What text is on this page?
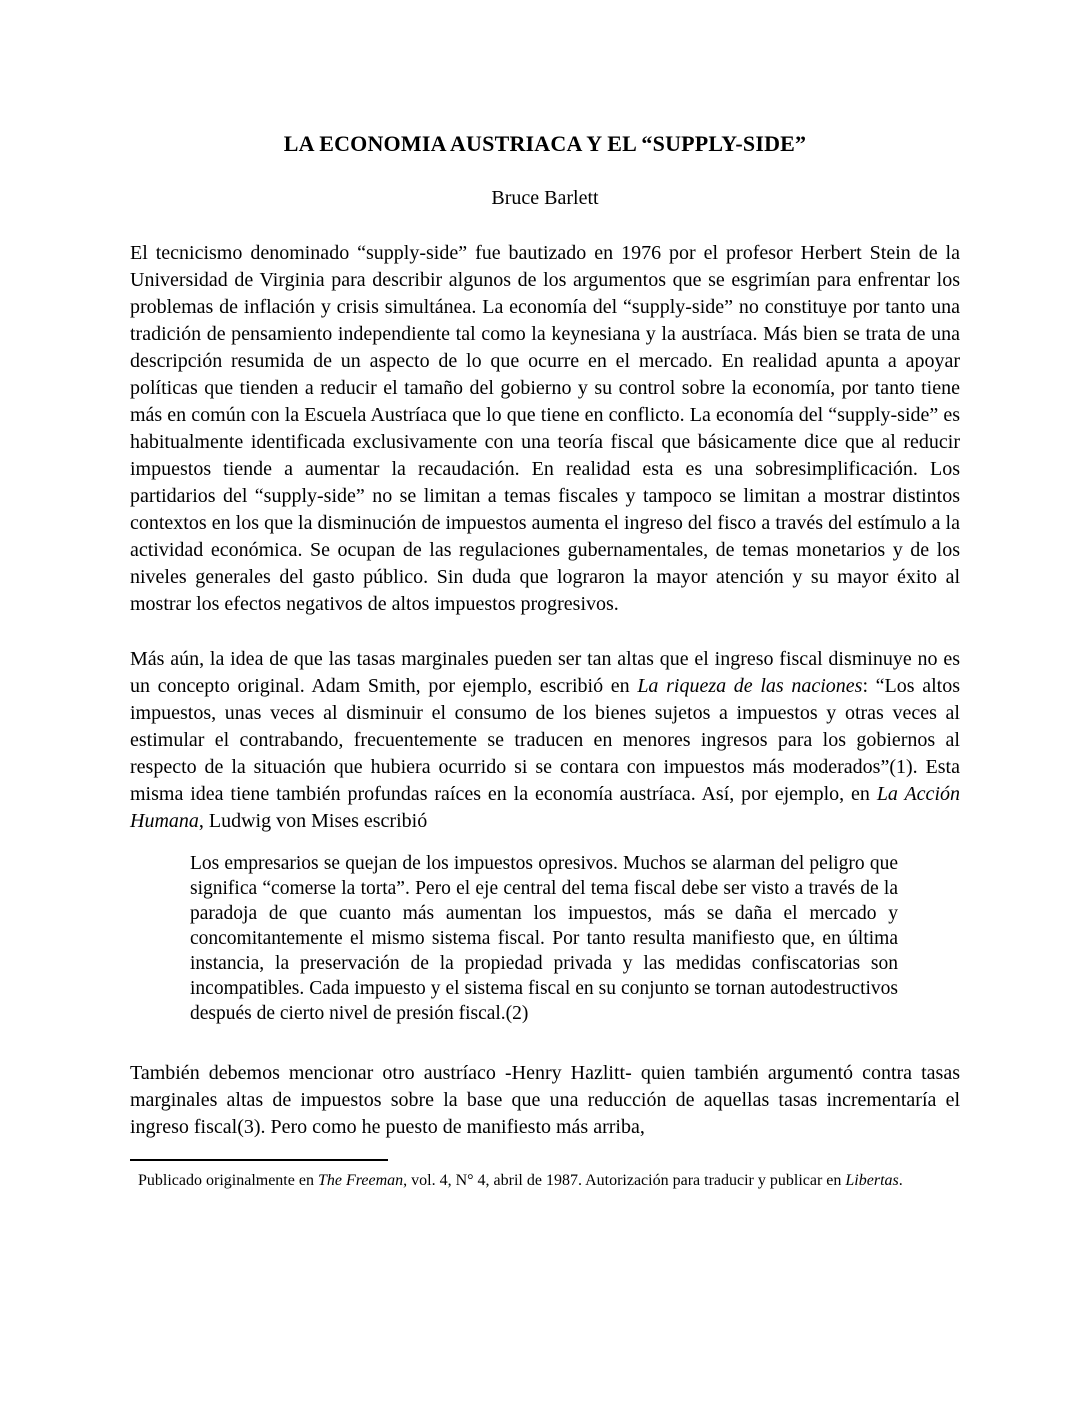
LA ECONOMIA AUSTRIACA Y EL “SUPPLY-SIDE”
Bruce Barlett

El tecnicismo denominado “supply-side” fue bautizado en 1976 por el profesor Herbert Stein de la Universidad de Virginia para describir algunos de los argumentos que se esgrimían para enfrentar los problemas de inflación y crisis simultánea. La economía del “supply-side” no constituye por tanto una tradición de pensamiento independiente tal como la keynesiana y la austríaca. Más bien se trata de una descripción resumida de un aspecto de lo que ocurre en el mercado. En realidad apunta a apoyar políticas que tienden a reducir el tamaño del gobierno y su control sobre la economía, por tanto tiene más en común con la Escuela Austríaca que lo que tiene en conflicto. La economía del “supply-side” es habitualmente identificada exclusivamente con una teoría fiscal que básicamente dice que al reducir impuestos tiende a aumentar la recaudación. En realidad esta es una sobresimplificación. Los partidarios del “supply-side” no se limitan a temas fiscales y tampoco se limitan a mostrar distintos contextos en los que la disminución de impuestos aumenta el ingreso del fisco a través del estímulo a la actividad económica. Se ocupan de las regulaciones gubernamentales, de temas monetarios y de los niveles generales del gasto público. Sin duda que lograron la mayor atención y su mayor éxito al mostrar los efectos negativos de altos impuestos progresivos.

Más aún, la idea de que las tasas marginales pueden ser tan altas que el ingreso fiscal disminuye no es un concepto original. Adam Smith, por ejemplo, escribió en La riqueza de las naciones: “Los altos impuestos, unas veces al disminuir el consumo de los bienes sujetos a impuestos y otras veces al estimular el contrabando, frecuentemente se traducen en menores ingresos para los gobiernos al respecto de la situación que hubiera ocurrido si se contara con impuestos más moderados”(1). Esta misma idea tiene también profundas raíces en la economía austríaca. Así, por ejemplo, en La Acción Humana, Ludwig von Mises escribió

Los empresarios se quejan de los impuestos opresivos. Muchos se alarman del peligro que significa “comerse la torta”. Pero el eje central del tema fiscal debe ser visto a través de la paradoja de que cuanto más aumentan los impuestos, más se daña el mercado y concomitantemente el mismo sistema fiscal. Por tanto resulta manifiesto que, en última instancia, la preservación de la propiedad privada y las medidas confiscatorias son incompatibles. Cada impuesto y el sistema fiscal en su conjunto se tornan autodestructivos después de cierto nivel de presión fiscal.(2)

También debemos mencionar otro austríaco -Henry Hazlitt- quien también argumentó contra tasas marginales altas de impuestos sobre la base que una reducción de aquellas tasas incrementaría el ingreso fiscal(3). Pero como he puesto de manifiesto más arriba,

Publicado originalmente en The Freeman, vol. 4, N° 4, abril de 1987. Autorización para traducir y publicar en Libertas.
